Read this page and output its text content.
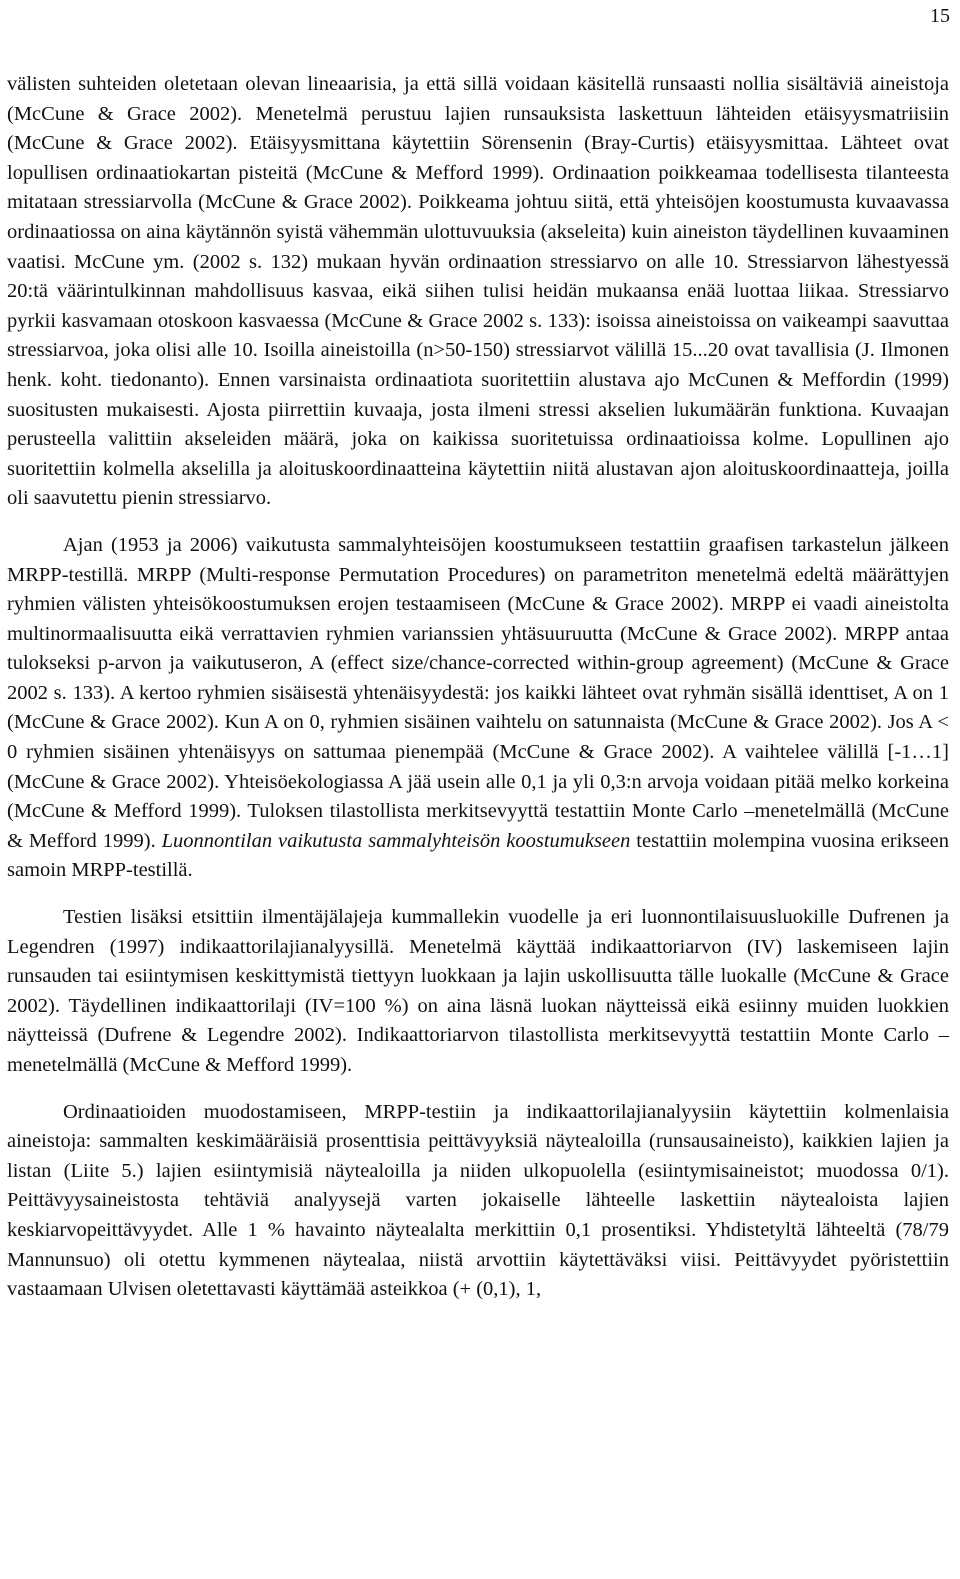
15

välisten suhteiden oletetaan olevan lineaarisia, ja että sillä voidaan käsitellä runsaasti nollia sisältäviä aineistoja (McCune & Grace 2002). Menetelmä perustuu lajien runsauksista laskettuun lähteiden etäisyysmatriisiin (McCune & Grace 2002). Etäisyysmittana käytettiin Sörensenin (Bray-Curtis) etäisyysmittaa. Lähteet ovat lopullisen ordinaatiokartan pisteitä (McCune & Mefford 1999). Ordinaation poikkeamaa todellisesta tilanteesta mitataan stressiarvolla (McCune & Grace 2002). Poikkeama johtuu siitä, että yhteisöjen koostumusta kuvaavassa ordinaatiossa on aina käytännön syistä vähemmän ulottuvuuksia (akseleita) kuin aineiston täydellinen kuvaaminen vaatisi. McCune ym. (2002 s. 132) mukaan hyvän ordinaation stressiarvo on alle 10. Stressiarvon lähestyessä 20:tä väärintulkinnan mahdollisuus kasvaa, eikä siihen tulisi heidän mukaansa enää luottaa liikaa. Stressiarvo pyrkii kasvamaan otoskoon kasvaessa (McCune & Grace 2002 s. 133): isoissa aineistoissa on vaikeampi saavuttaa stressiarvoa, joka olisi alle 10. Isoilla aineistoilla (n>50-150) stressiarvot välillä 15...20 ovat tavallisia (J. Ilmonen henk. koht. tiedonanto). Ennen varsinaista ordinaatiota suoritettiin alustava ajo McCunen & Meffordin (1999) suositusten mukaisesti. Ajosta piirrettiin kuvaaja, josta ilmeni stressi akselien lukumäärän funktiona. Kuvaajan perusteella valittiin akseleiden määrä, joka on kaikissa suoritetuissa ordinaatioissa kolme. Lopullinen ajo suoritettiin kolmella akselilla ja aloituskoordinaatteina käytettiin niitä alustavan ajon aloituskoordinaatteja, joilla oli saavutettu pienin stressiarvo.

Ajan (1953 ja 2006) vaikutusta sammalyhteisöjen koostumukseen testattiin graafisen tarkastelun jälkeen MRPP-testillä. MRPP (Multi-response Permutation Procedures) on parametriton menetelmä edeltä määrättyjen ryhmien välisten yhteisökoostumuksen erojen testaamiseen (McCune & Grace 2002). MRPP ei vaadi aineistolta multinormaalisuutta eikä verrattavien ryhmien varianssien yhtäsuuruutta (McCune & Grace 2002). MRPP antaa tulokseksi p-arvon ja vaikutuseron, A (effect size/chance-corrected within-group agreement) (McCune & Grace 2002 s. 133). A kertoo ryhmien sisäisestä yhtenäisyydestä: jos kaikki lähteet ovat ryhmän sisällä identtiset, A on 1 (McCune & Grace 2002). Kun A on 0, ryhmien sisäinen vaihtelu on satunnaista (McCune & Grace 2002). Jos A < 0 ryhmien sisäinen yhtenäisyys on sattumaa pienempää (McCune & Grace 2002). A vaihtelee välillä [-1…1] (McCune & Grace 2002). Yhteisöekologiassa A jää usein alle 0,1 ja yli 0,3:n arvoja voidaan pitää melko korkeina (McCune & Mefford 1999). Tuloksen tilastollista merkitsevyyttä testattiin Monte Carlo –menetelmällä (McCune & Mefford 1999). Luonnontilan vaikutusta sammalyhteisön koostumukseen testattiin molempina vuosina erikseen samoin MRPP-testillä.

Testien lisäksi etsittiin ilmentäjälajeja kummallekin vuodelle ja eri luonnontilaisuusluokille Dufrenen ja Legendren (1997) indikaattorilajianalyysillä. Menetelmä käyttää indikaattoriarvon (IV) laskemiseen lajin runsauden tai esiintymisen keskittymistä tiettyyn luokkaan ja lajin uskollisuutta tälle luokalle (McCune & Grace 2002). Täydellinen indikaattorilaji (IV=100 %) on aina läsnä luokan näytteissä eikä esiinny muiden luokkien näytteissä (Dufrene & Legendre 2002). Indikaattoriarvon tilastollista merkitsevyyttä testattiin Monte Carlo –menetelmällä (McCune & Mefford 1999).

Ordinaatioiden muodostamiseen, MRPP-testiin ja indikaattorilajianalyysiin käytettiin kolmenlaisia aineistoja: sammalten keskimääräisiä prosenttisia peittävyyksiä näytealoilla (runsausaineisto), kaikkien lajien ja listan (Liite 5.) lajien esiintymisiä näytealoilla ja niiden ulkopuolella (esiintymisaineistot; muodossa 0/1). Peittävyysaineistosta tehtäviä analyysejä varten jokaiselle lähteelle laskettiin näytealoista lajien keskiarvopeittävyydet. Alle 1 % havainto näytealalta merkittiin 0,1 prosentiksi. Yhdistetyltä lähteeltä (78/79 Mannunsuo) oli otettu kymmenen näytealaa, niistä arvottiin käytettäväksi viisi. Peittävyydet pyöristettiin vastaamaan Ulvisen oletettavasti käyttämää asteikkoa (+ (0,1), 1,
